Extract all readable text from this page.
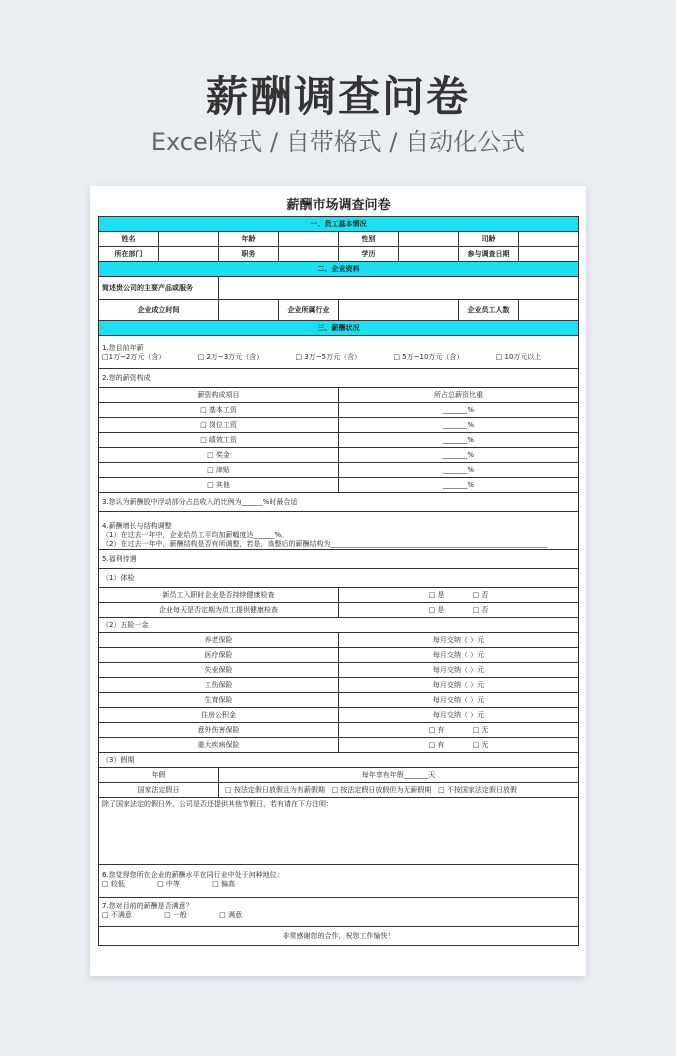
薪酬调查问卷
Excel格式 / 自带格式 / 自动化公式
薪酬市场调查问卷							
一、员工基本情况							
姓名		年龄		性别		司龄	
所在部门		职务		学历		参与调查日期	
二、企业资料							
简述贵公司的主要产品或服务							
企业成立时间			企业所属行业			企业员工人数	
三、薪酬状况							

1.您目前年薪
□1万~2万元（含） □ 2万~3万元（含） □ 3万~5万元（含） □ 5万~10万元（含） □ 10万元以上							

2.您的薪资构成							
薪资构成项目				所占总薪资比重			
□ 基本工资				_______%			
□ 岗位工资				_______%			
□ 绩效工资				_______%			
□ 奖金				_______%			
□ 津贴				_______%			
□ 其他				_______%			
3.您认为薪酬股中浮动部分占总收入的比例为______%时最合适							

4.薪酬增长与结构调整
（1）在过去一年中，企业给员工平均加薪幅度达______%。
（2）在过去一年中，薪酬结构是否有所调整，若是，该整后的薪酬结构为______________________________________________________________							

5.福利待遇							
（1）体检							
新员工入职时企业是否持续健康检查				□ 是 □ 否			
企业每天是否定期为员工提供健康检查				□ 是 □ 否			
（2）五险一金							
养老保险				每月交纳（ ）元			
医疗保险				每月交纳（ ）元			
失业保险				每月交纳（ ）元			
工伤保险				每月交纳（ ）元			
生育保险				每月交纳（ ）元			
住房公积金				每月交纳（ ）元			
意外伤害保险				□ 有 □ 无			
重大疾病保险				□ 有 □ 无			
（3）假期							
年假		每年享有年假_______天					
国家法定假日		□ 按法定假日放假且为有薪假期 □ 按法定假日放假但为无薪假期 □ 不按国家法定假日放假					
除了国家法定的假日外，公司是否还提供其他节假日，若有请在下方注明：							

6.您觉得您所在企业的薪酬水平在同行业中处于何种地位：
□ 较低 □ 中等 □ 偏高							

7.您对目前的薪酬是否满意？
□ 不满意 □ 一般 □ 满意							

非常感谢您的合作，祝您工作愉快！							
